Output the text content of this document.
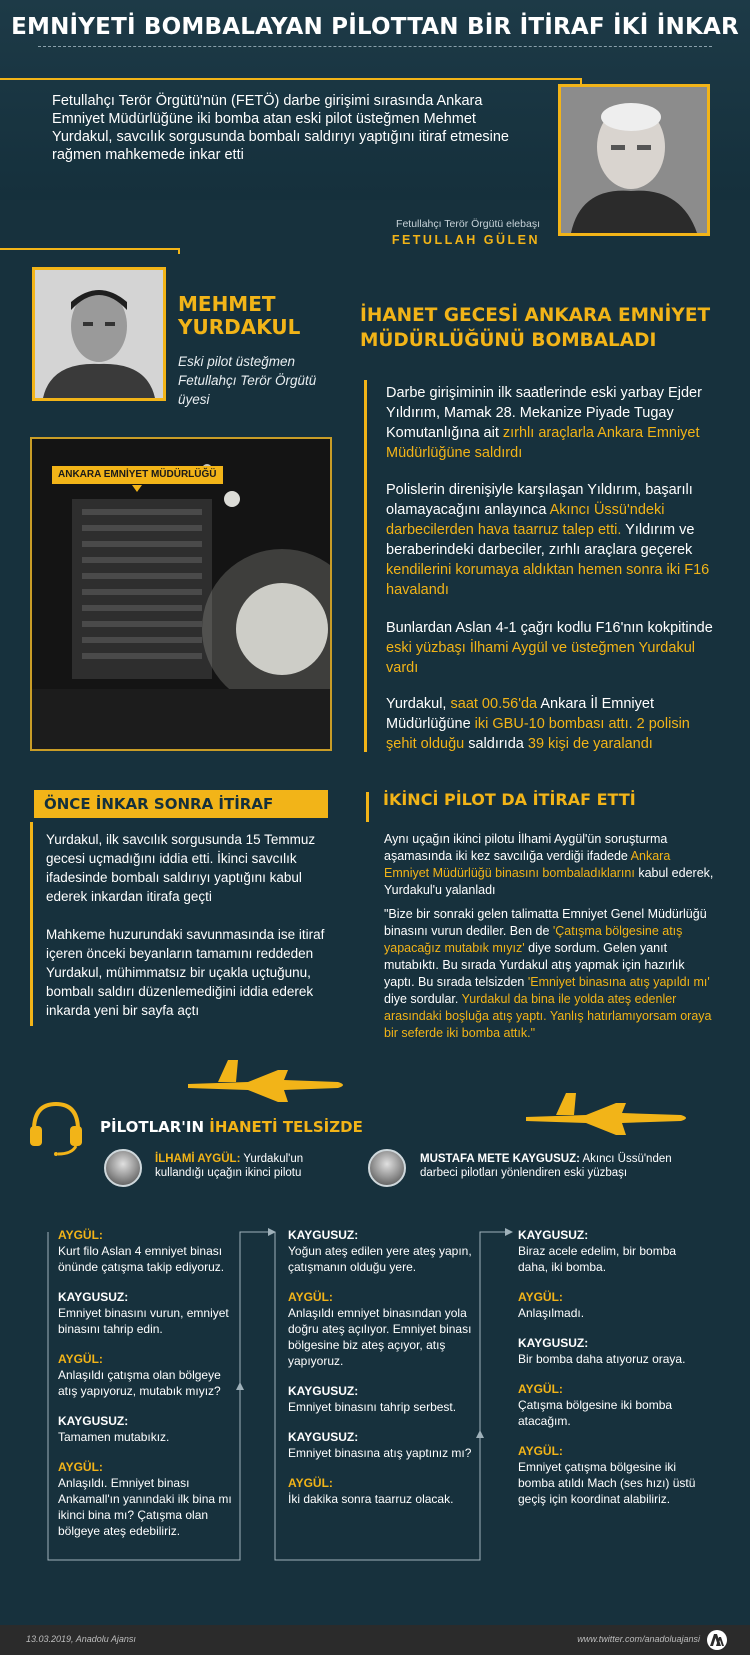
EMNİYETİ BOMBALAYAN PİLOTTAN BİR İTİRAF İKİ İNKAR
Fetullahçı Terör Örgütü'nün (FETÖ) darbe girişimi sırasında Ankara Emniyet Müdürlüğüne iki bomba atan eski pilot üsteğmen Mehmet Yurdakul, savcılık sorgusunda bombalı saldırıyı yaptığını itiraf etmesine rağmen mahkemede inkar etti
Fetullahçı Terör Örgütü elebaşı
FETULLAH GÜLEN
MEHMET
YURDAKUL
Eski pilot üsteğmen
Fetullahçı Terör Örgütü
üyesi
ANKARA EMNİYET MÜDÜRLÜĞÜ
İHANET GECESİ ANKARA EMNİYET
MÜDÜRLÜĞÜNÜ BOMBALADI
Darbe girişiminin ilk saatlerinde eski yarbay Ejder Yıldırım, Mamak 28. Mekanize Piyade Tugay Komutanlığına ait zırhlı araçlarla Ankara Emniyet Müdürlüğüne saldırdı
Polislerin direnişiyle karşılaşan Yıldırım, başarılı olamayacağını anlayınca Akıncı Üssü'ndeki darbecilerden hava taarruz talep etti. Yıldırım ve beraberindeki darbeciler, zırhlı araçlara geçerek kendilerini korumaya aldıktan hemen sonra iki F16 havalandı
Bunlardan Aslan 4-1 çağrı kodlu F16'nın kokpitinde eski yüzbaşı İlhami Aygül ve üsteğmen Yurdakul vardı
Yurdakul, saat 00.56'da Ankara İl Emniyet Müdürlüğüne iki GBU-10 bombası attı. 2 polisin şehit olduğu saldırıda 39 kişi de yaralandı
ÖNCE İNKAR SONRA İTİRAF
Yurdakul, ilk savcılık sorgusunda 15 Temmuz gecesi uçmadığını iddia etti. İkinci savcılık ifadesinde bombalı saldırıyı yaptığını kabul ederek inkardan itirafa geçti
Mahkeme huzurundaki savunmasında ise itiraf içeren önceki beyanların tamamını reddeden Yurdakul, mühimmatsız bir uçakla uçtuğunu, bombalı saldırı düzenlemediğini iddia ederek inkarda yeni bir sayfa açtı
İKİNCİ PİLOT DA İTİRAF ETTİ
Aynı uçağın ikinci pilotu İlhami Aygül'ün soruşturma aşamasında iki kez savcılığa verdiği ifadede Ankara Emniyet Müdürlüğü binasını bombaladıklarını kabul ederek, Yurdakul'u yalanladı
"Bize bir sonraki gelen talimatta Emniyet Genel Müdürlüğü binasını vurun dediler. Ben de 'Çatışma bölgesine atış yapacağız mutabık mıyız' diye sordum. Gelen yanıt mutabıktı. Bu sırada Yurdakul atış yapmak için hazırlık yaptı. Bu sırada telsizden 'Emniyet binasına atış yapıldı mı' diye sordular. Yurdakul da bina ile yolda ateş edenler arasındaki boşluğa atış yaptı. Yanlış hatırlamıyorsam oraya bir seferde iki bomba attık."
PİLOTLAR'IN İHANETİ TELSİZDE
İLHAMİ AYGÜL: Yurdakul'un kullandığı uçağın ikinci pilotu
MUSTAFA METE KAYGUSUZ: Akıncı Üssü'nden darbeci pilotları yönlendiren eski yüzbaşı
AYGÜL:
Kurt filo Aslan 4 emniyet binası önünde çatışma takip ediyoruz.
KAYGUSUZ:
Emniyet binasını vurun, emniyet binasını tahrip edin.
AYGÜL:
Anlaşıldı çatışma olan bölgeye atış yapıyoruz, mutabık mıyız?
KAYGUSUZ:
Tamamen mutabıkız.
AYGÜL:
Anlaşıldı. Emniyet binası Ankamall'ın yanındaki ilk bina mı ikinci bina mı? Çatışma olan bölgeye ateş edebiliriz.
KAYGUSUZ:
Yoğun ateş edilen yere ateş yapın, çatışmanın olduğu yere.
AYGÜL:
Anlaşıldı emniyet binasından yola doğru ateş açılıyor. Emniyet binası bölgesine biz ateş açıyor, atış yapıyoruz.
KAYGUSUZ:
Emniyet binasını tahrip serbest.
KAYGUSUZ:
Emniyet binasına atış yaptınız mı?
AYGÜL:
İki dakika sonra taarruz olacak.
KAYGUSUZ:
Biraz acele edelim, bir bomba daha, iki bomba.
AYGÜL:
Anlaşılmadı.
KAYGUSUZ:
Bir bomba daha atıyoruz oraya.
AYGÜL:
Çatışma bölgesine iki bomba atacağım.
AYGÜL:
Emniyet çatışma bölgesine iki bomba atıldı Mach (ses hızı) üstü geçiş için koordinat alabiliriz.
13.03.2019, Anadolu Ajansı	www.twitter.com/anadoluajansi
